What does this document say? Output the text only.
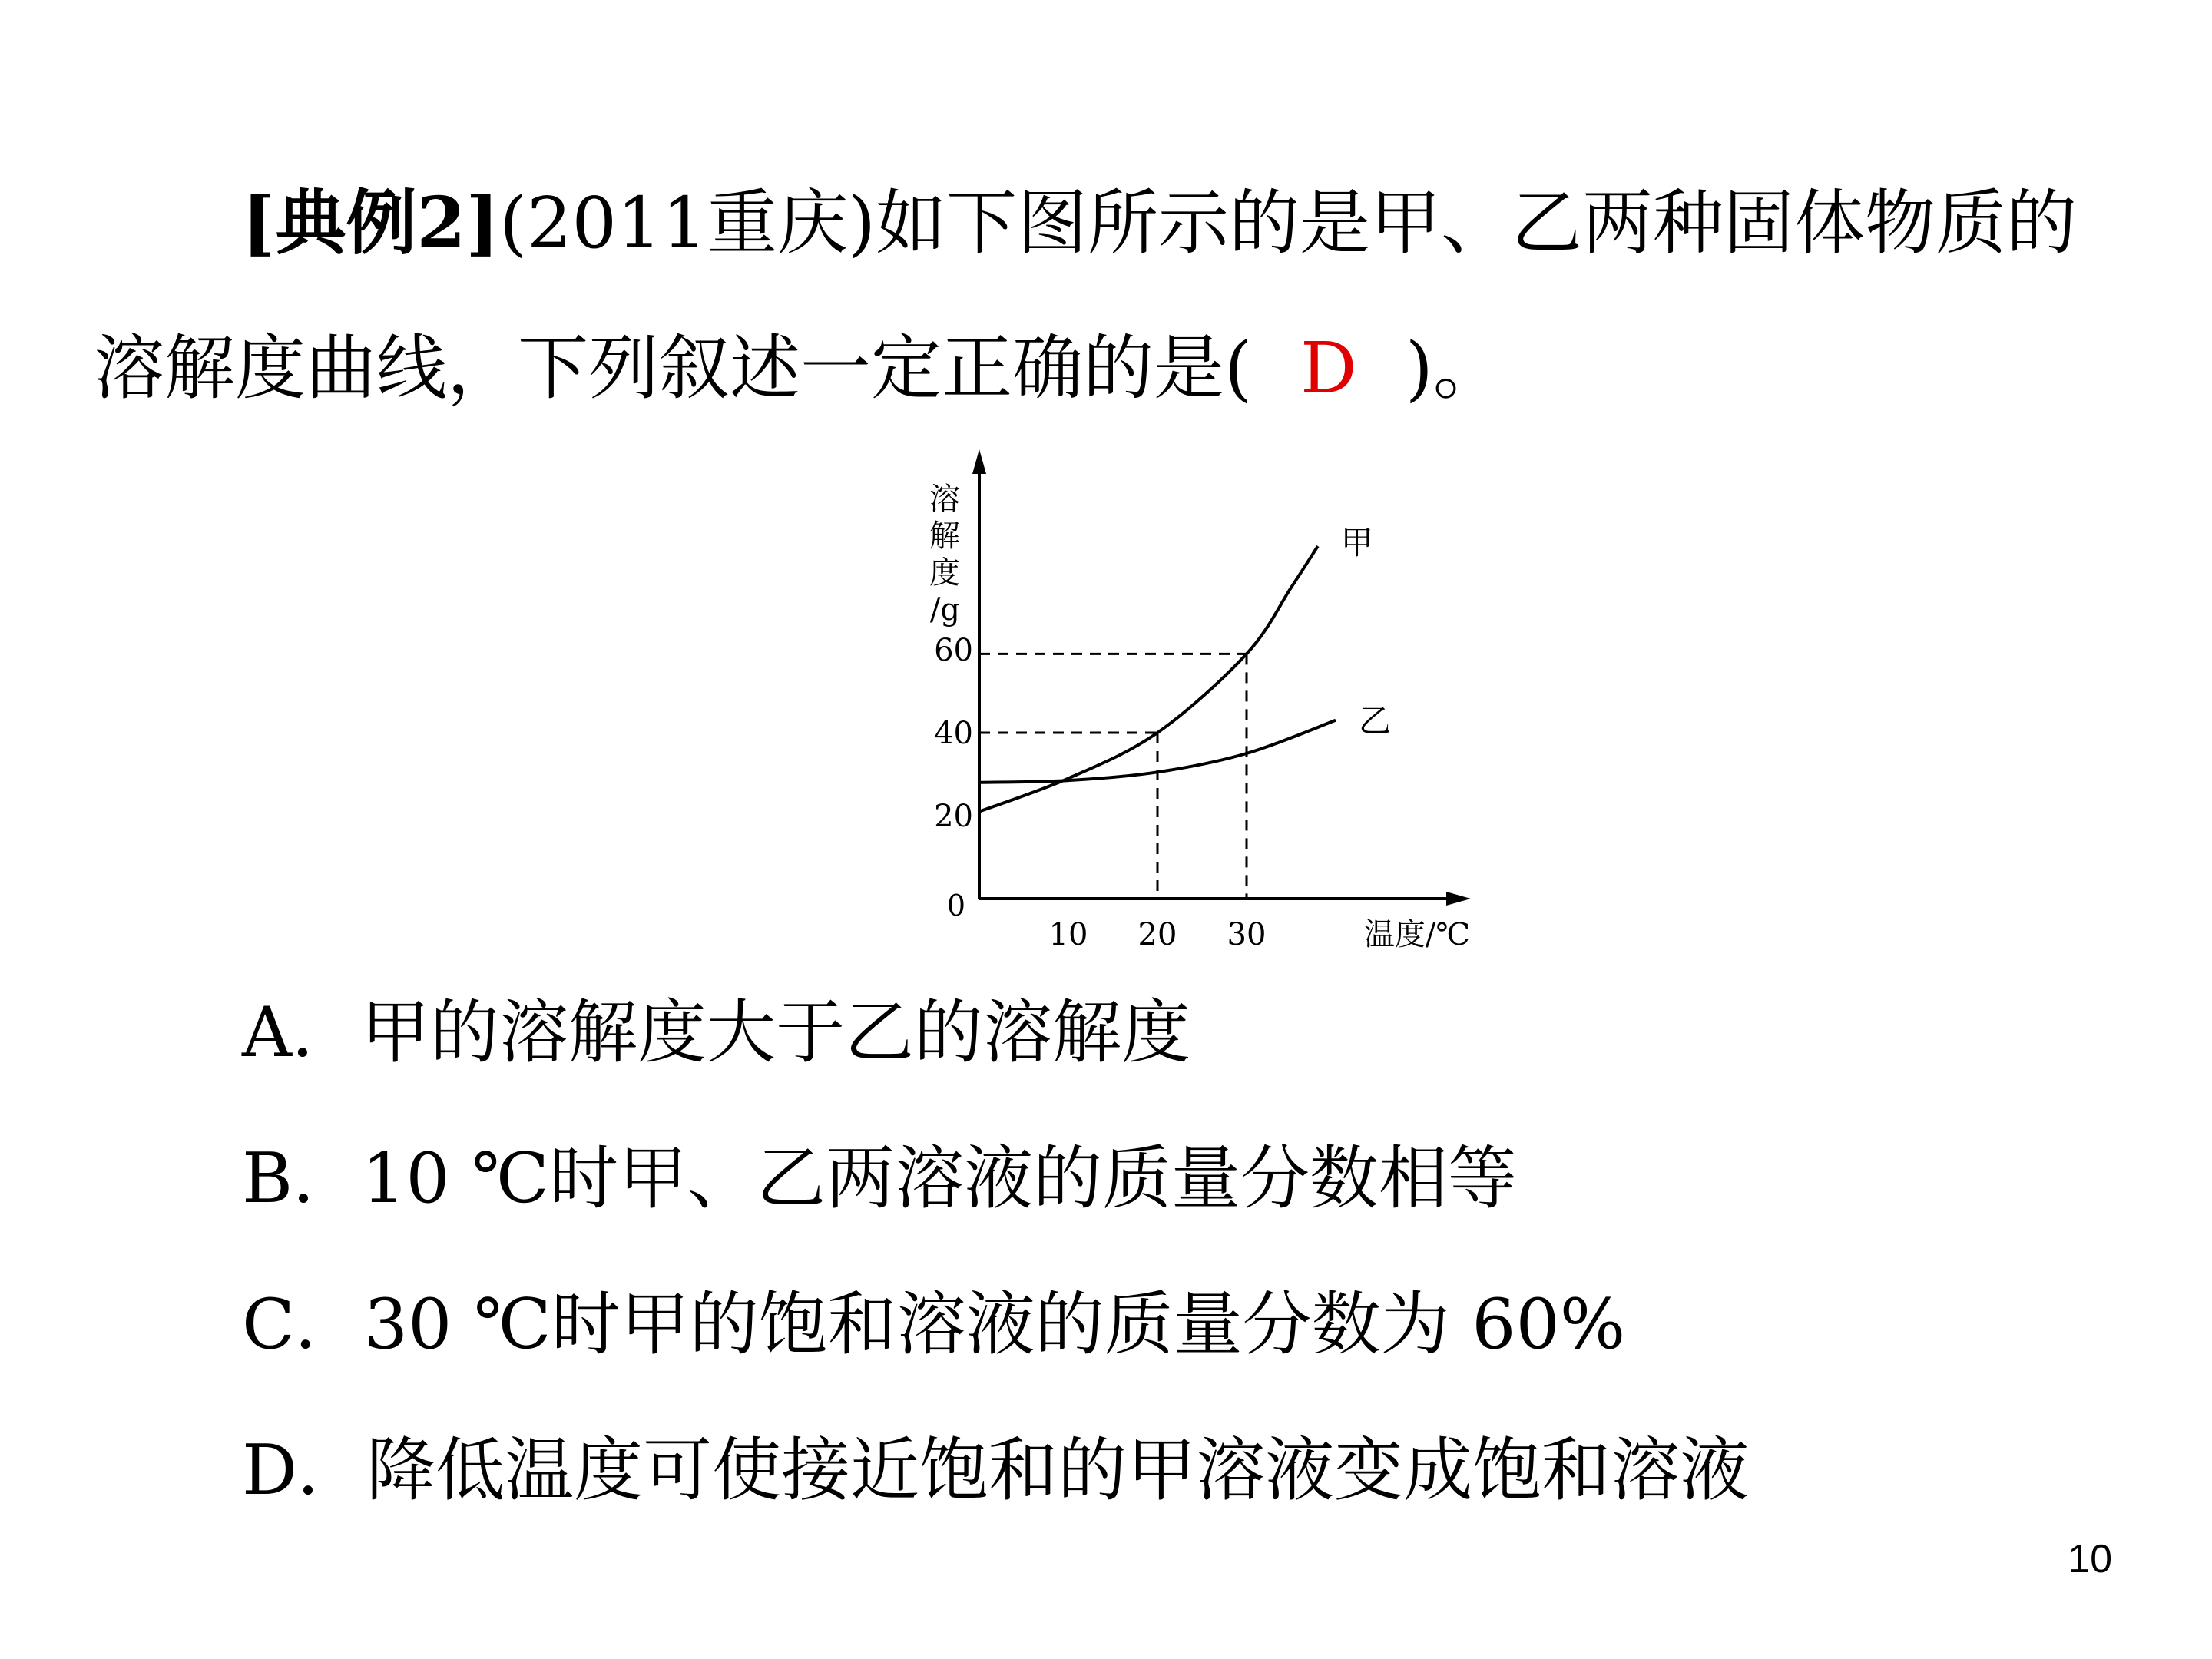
[典例2](2011重庆)如下图所示的是甲、乙两种固体物质的
溶解度曲线，下列叙述一定正确的是( D )。
溶
解
度
/g
温度/℃
0
10 20 30
20
40
60
甲
乙
A．甲的溶解度大于乙的溶解度
B．10 ℃时甲、乙两溶液的质量分数相等
C．30 ℃时甲的饱和溶液的质量分数为 60%
D．降低温度可使接近饱和的甲溶液变成饱和溶液
10
